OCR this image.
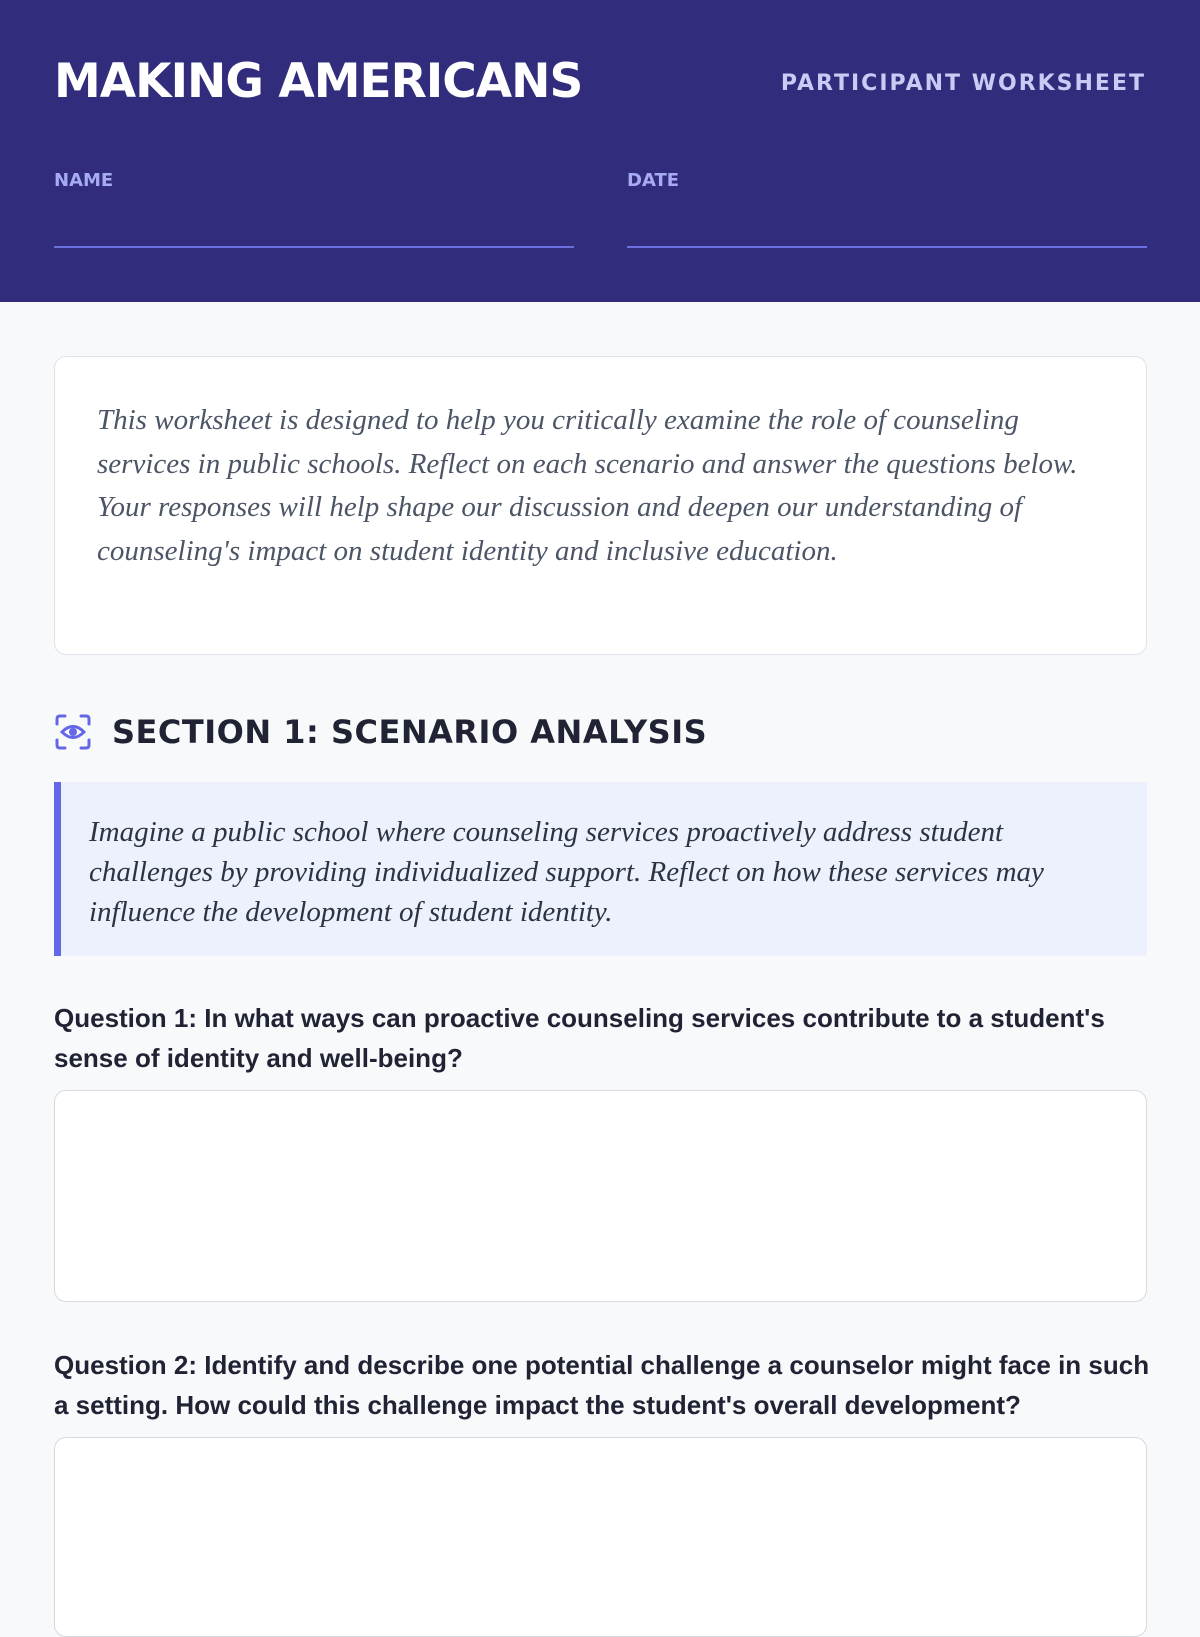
MAKING AMERICANS	PARTICIPANT WORKSHEET
NAME	DATE

This worksheet is designed to help you critically examine the role of counseling services in public schools. Reflect on each scenario and answer the questions below. Your responses will help shape our discussion and deepen our understanding of counseling's impact on student identity and inclusive education.

SECTION 1: SCENARIO ANALYSIS

Imagine a public school where counseling services proactively address student challenges by providing individualized support. Reflect on how these services may influence the development of student identity.

Question 1: In what ways can proactive counseling services contribute to a student's sense of identity and well-being?

Question 2: Identify and describe one potential challenge a counselor might face in such a setting. How could this challenge impact the student's overall development?
